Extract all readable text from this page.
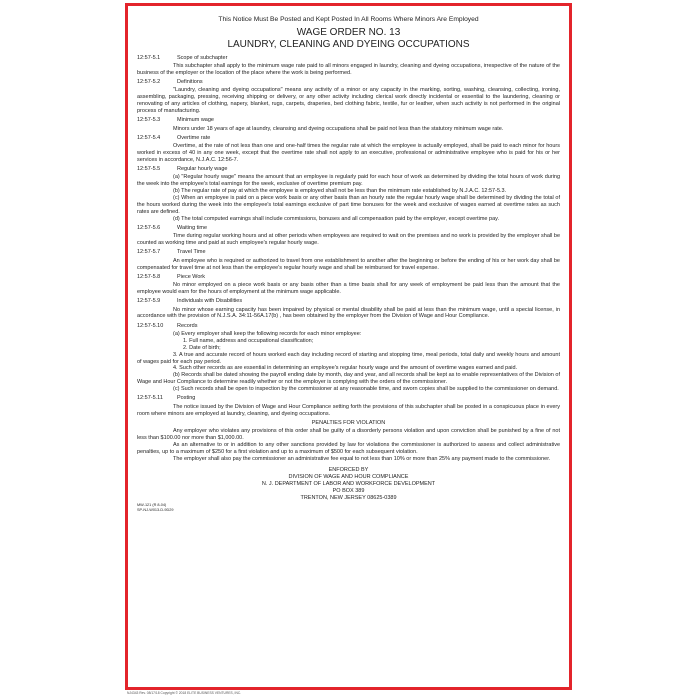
This Notice Must Be Posted and Kept Posted In All Rooms Where Minors Are Employed
WAGE ORDER NO. 13
LAUNDRY, CLEANING AND DYEING OCCUPATIONS
12:57-5.1	Scope of subchapter

This subchapter shall apply to the minimum wage rate paid to all minors engaged in laundry, cleaning and dyeing occupations, irrespective of the nature of the business of the employer or the location of the place where the work is being performed.

12:57-5.2	Definitions

"Laundry, cleaning and dyeing occupations" means any activity of a minor or any capacity in the marking, sorting, washing, cleansing, collecting, ironing, assembling, packaging, pressing, receiving shipping or delivery, or any other activity including clerical work directly incidental or essential to the laundering, cleaning or renovating of any articles of clothing, napery, blanket, rugs, carpets, draperies, bed clothing fabric, textile, fur or leather, when such activity is not performed in the original process of manufacturing.

12:57-5.3	Minimum wage

Minors under 18 years of age at laundry, cleansing and dyeing occupations shall be paid not less than the statutory minimum wage rate.

12:57-5.4	Overtime rate

Overtime, at the rate of not less than one and one-half times the regular rate at which the employee is actually employed, shall be paid to each minor for hours worked in excess of 40 in any one week, except that the overtime rate shall not apply to an executive, professional or administrative employee who is paid for his or her services in accordance, N.J.A.C. 12:56-7.

12:57-5.5	Regular hourly wage

(a) "Regular hourly wage" means the amount that an employee is regularly paid for each hour of work as determined by dividing the total hours of work during the week into the employee's total earnings for the week, exclusive of overtime premium pay.

(b) The regular rate of pay at which the employee is employed shall not be less than the minimum rate established by N.J.A.C. 12:57-5.3.

(c) When an employee is paid on a piece work basis or any other basis than an hourly rate the regular hourly wage shall be determined by dividing the total of the hours worked during the week into the employee's total earnings exclusive of part time bonuses for the week and exclusive of wages earned at overtime rates as such rates are defined.

(d) The total computed earnings shall include commissions, bonuses and all compensation paid by the employer, except overtime pay.

12:57-5.6	Waiting time

Time during regular working hours and at other periods when employees are required to wait on the premises and no work is provided by the employer shall be counted as working time and paid at such employee's regular hourly wage.

12:57-5.7	Travel Time

An employee who is required or authorized to travel from one establishment to another after the beginning or before the ending of his or her work day shall be compensated for travel time at not less than the employee's regular hourly wage and shall be reimbursed for travel expense.

12:57-5.8	Piece Work

No minor employed on a piece work basis or any basis other than a time basis shall for any week of employment be paid less than the amount that the employee would earn for the hours of employment at the minimum wage applicable.

12:57-5.9	Individuals with Disabilities

No minor whose earning capacity has been impaired by physical or mental disability shall be paid at less than the minimum wage, until a special license, in accordance with the provision of N.J.S.A. 34:11-56A.17(b) , has been obtained by the employer from the Division of Wage and Hour Compliance.

12:57-5.10	Records

(a) Every employer shall keep the following records for each minor employee:

1. Full name, address and occupational classification;

2. Date of birth;

3. A true and accurate record of hours worked each day including record of starting and stopping time, meal periods, total daily and weekly hours and amount of wages paid for each pay period.

4. Such other records as are essential in determining an employee's regular hourly wage and the amount of overtime wages earned and paid.

(b) Records shall be dated showing the payroll ending date by month, day and year, and all records shall be kept as to enable representatives of the Division of Wage and Hour Compliance to determine readily whether or not the employer is complying with the orders of the commissioner.

(c) Such records shall be open to inspection by the commissioner at any reasonable time, and sworn copies shall be supplied to the commissioner on demand.

12:57-5.11	Posting

The notice issued by the Division of Wage and Hour Compliance setting forth the provisions of this subchapter shall be posted in a conspicuous place in every room where minors are employed at laundry, cleaning, and dyeing occupations.

PENALTIES FOR VIOLATION

Any employer who violates any provisions of this order shall be guilty of a disorderly persons violation and upon conviction shall be punished by a fine of not less than $100.00 nor more than $1,000.00.

As an alternative to or in addition to any other sanctions provided by law for violations the commissioner is authorized to assess and collect administrative penalties, up to a maximum of $250 for a first violation and up to a maximum of $500 for each subsequent violation.

The employer shall also pay the commissioner an administrative fee equal to not less than 10% or more than 25% any payment made to the commissioner.

ENFORCED BY
DIVISION OF WAGE AND HOUR COMPLIANCE
N. J. DEPARTMENT OF LABOR AND WORKFORCE DEVELOPMENT
PO BOX 389
TRENTON, NEW JERSEY 08625-0389
MW-121 (R 8-04)
SP-NJ-W013-D-9D29
NJ4343 Rev. 08/17/18 Copyright © 2018 ELITE BUSINESS VENTURES, INC.
